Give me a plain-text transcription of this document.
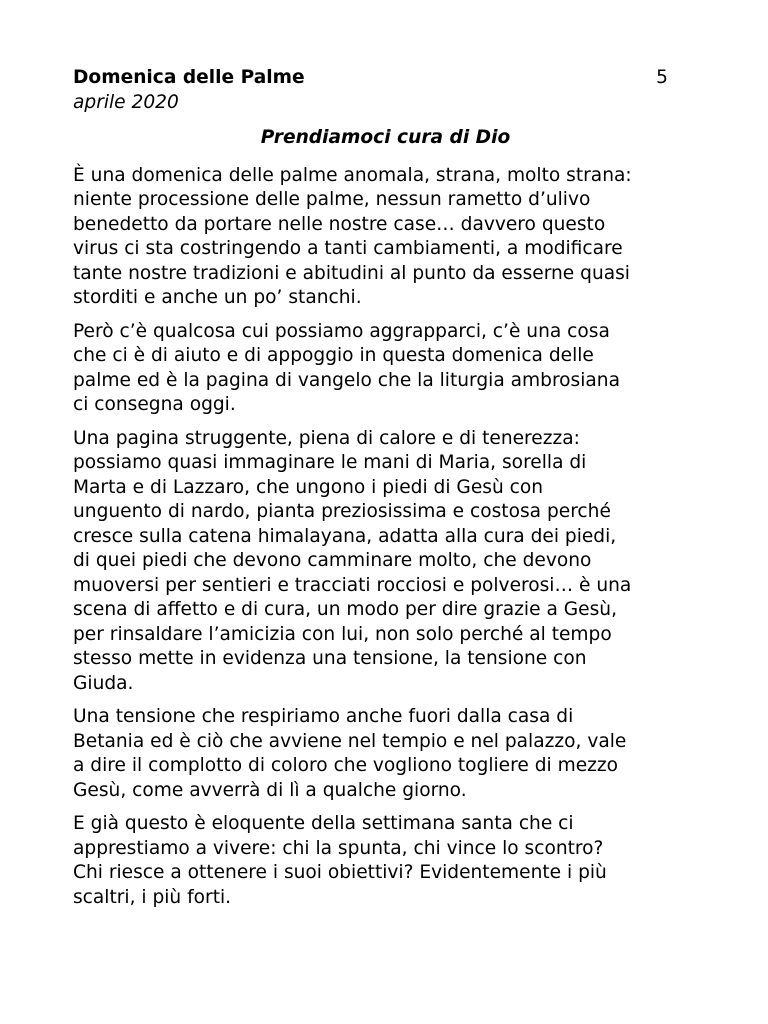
Domenica delle Palme	5
aprile 2020
Prendiamoci cura di Dio

È una domenica delle palme anomala, strana, molto strana:
niente processione delle palme, nessun rametto d’ulivo
benedetto da portare nelle nostre case… davvero questo
virus ci sta costringendo a tanti cambiamenti, a modificare
tante nostre tradizioni e abitudini al punto da esserne quasi
storditi e anche un po’ stanchi.

Però c’è qualcosa cui possiamo aggrapparci, c’è una cosa
che ci è di aiuto e di appoggio in questa domenica delle
palme ed è la pagina di vangelo che la liturgia ambrosiana
ci consegna oggi.

Una pagina struggente, piena di calore e di tenerezza:
possiamo quasi immaginare le mani di Maria, sorella di
Marta e di Lazzaro, che ungono i piedi di Gesù con
unguento di nardo, pianta preziosissima e costosa perché
cresce sulla catena himalayana, adatta alla cura dei piedi,
di quei piedi che devono camminare molto, che devono
muoversi per sentieri e tracciati rocciosi e polverosi… è una
scena di affetto e di cura, un modo per dire grazie a Gesù,
per rinsaldare l’amicizia con lui, non solo perché al tempo
stesso mette in evidenza una tensione, la tensione con
Giuda.

Una tensione che respiriamo anche fuori dalla casa di
Betania ed è ciò che avviene nel tempio e nel palazzo, vale
a dire il complotto di coloro che vogliono togliere di mezzo
Gesù, come avverrà di lì a qualche giorno.

E già questo è eloquente della settimana santa che ci
apprestiamo a vivere: chi la spunta, chi vince lo scontro?
Chi riesce a ottenere i suoi obiettivi? Evidentemente i più
scaltri, i più forti.
